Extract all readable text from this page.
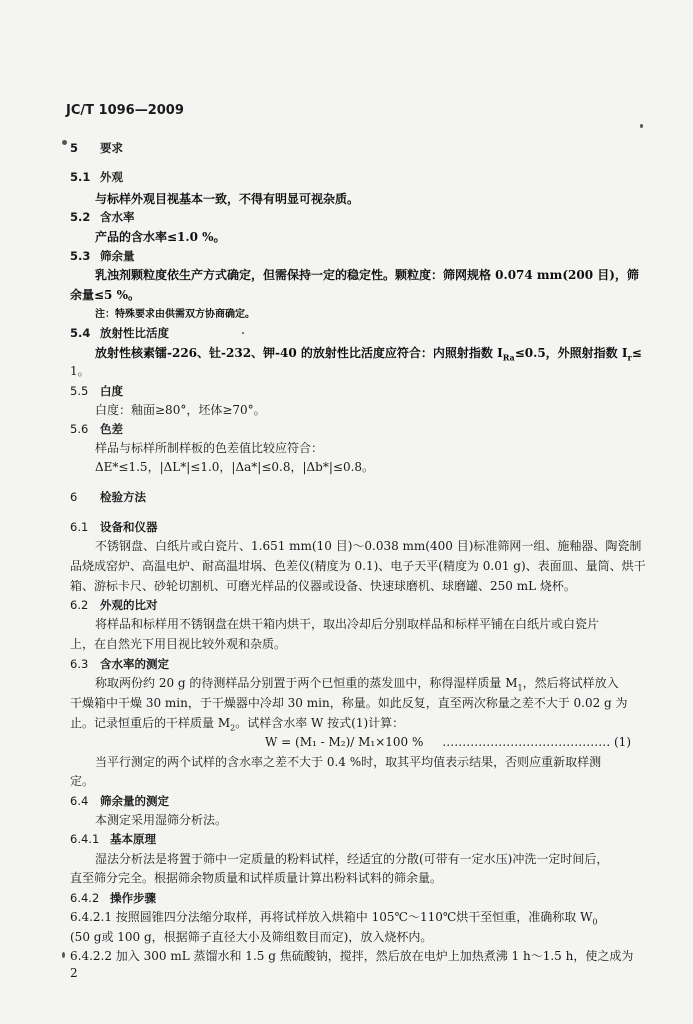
JC/T 1096—2009
5 要求
5.1 外观
与标样外观目视基本一致，不得有明显可视杂质。
5.2 含水率
产品的含水率≤1.0 %。
5.3 筛余量
乳浊剂颗粒度依生产方式确定，但需保持一定的稳定性。颗粒度：筛网规格 0.074 mm(200 目)，筛
余量≤5 %。
注：特殊要求由供需双方协商确定。
5.4 放射性比活度
放射性核素镭-226、钍-232、钾-40 的放射性比活度应符合：内照射指数 $I_{Ra}\le 0.5$，外照射指数 $I_r\le$
1。
5.5 白度
白度：釉面≥80°，坯体≥70°。
5.6 色差
样品与标样所制样板的色差值比较应符合：
ΔE*≤1.5，|ΔL*|≤1.0，|Δa*|≤0.8，|Δb*|≤0.8。
6 检验方法
6.1 设备和仪器
不锈钢盘、白纸片或白瓷片、1.651 mm(10 目)～0.038 mm(400 目)标准筛网一组、施釉器、陶瓷制
品烧成窑炉、高温电炉、耐高温坩埚、色差仪(精度为 0.1)、电子天平(精度为 0.01 g)、表面皿、量筒、烘干
箱、游标卡尺、砂轮切割机、可磨光样品的仪器或设备、快速球磨机、球磨罐、250 mL 烧杯。
6.2 外观的比对
将样品和标样用不锈钢盘在烘干箱内烘干，取出冷却后分别取样品和标样平铺在白纸片或白瓷片
上，在自然光下用目视比较外观和杂质。
6.3 含水率的测定
称取两份约 20 g 的待测样品分别置于两个已恒重的蒸发皿中，称得湿样质量 $M_1$，然后将试样放入
干燥箱中干燥 30 min，于干燥器中冷却 30 min，称量。如此反复，直至两次称量之差不大于 0.02 g 为
止。记录恒重后的干样质量 $M_2$。试样含水率 W 按式(1)计算：
W = (M₁ - M₂)/ M₁×100 % …………………………………… (1)
当平行测定的两个试样的含水率之差不大于 0.4 %时，取其平均值表示结果，否则应重新取样测
定。
6.4 筛余量的测定
本测定采用湿筛分析法。
6.4.1 基本原理
湿法分析法是将置于筛中一定质量的粉料试样，经适宜的分散(可带有一定水压)冲洗一定时间后，
直至筛分完全。根据筛余物质量和试样质量计算出粉料试料的筛余量。
6.4.2 操作步骤
6.4.2.1 按照圆锥四分法缩分取样，再将试样放入烘箱中 105℃～110℃烘干至恒重，准确称取 $W_0$
(50 g或 100 g，根据筛子直径大小及筛组数目而定)，放入烧杯内。
6.4.2.2 加入 300 mL 蒸馏水和 1.5 g 焦硫酸钠，搅拌，然后放在电炉上加热煮沸 1 h～1.5 h，使之成为
2
